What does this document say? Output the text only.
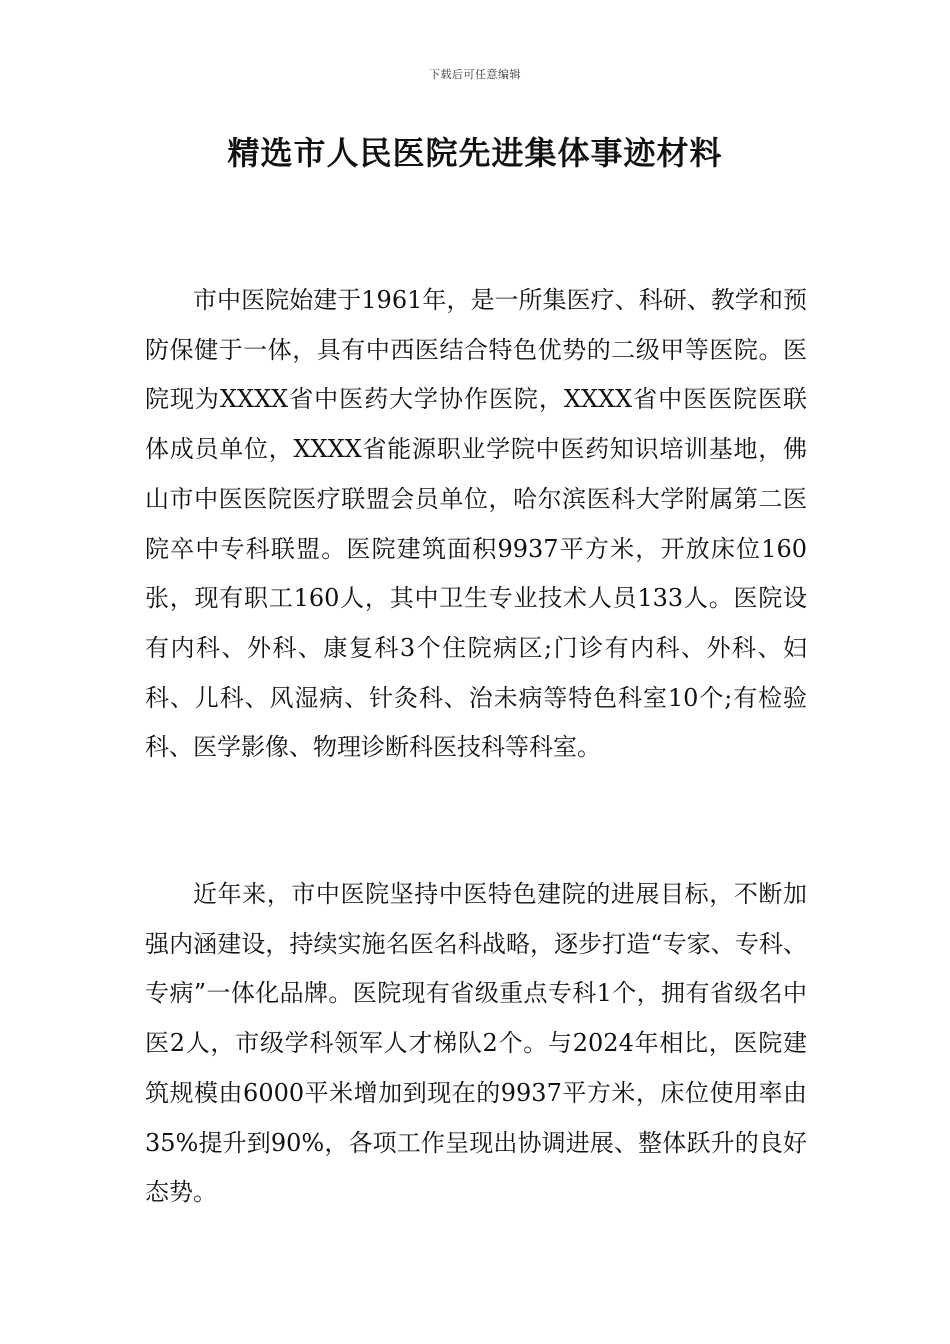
下载后可任意编辑
精选市人民医院先进集体事迹材料

市中医院始建于1961年，是一所集医疗、科研、教学和预防保健于一体，具有中西医结合特色优势的二级甲等医院。医院现为XXXX省中医药大学协作医院，XXXX省中医医院医联体成员单位，XXXX省能源职业学院中医药知识培训基地，佛山市中医医院医疗联盟会员单位，哈尔滨医科大学附属第二医院卒中专科联盟。医院建筑面积9937平方米，开放床位160张，现有职工160人，其中卫生专业技术人员133人。医院设有内科、外科、康复科3个住院病区;门诊有内科、外科、妇科、儿科、风湿病、针灸科、治未病等特色科室10个;有检验科、医学影像、物理诊断科医技科等科室。

近年来，市中医院坚持中医特色建院的进展目标，不断加强内涵建设，持续实施名医名科战略，逐步打造“专家、专科、专病”一体化品牌。医院现有省级重点专科1个，拥有省级名中医2人，市级学科领军人才梯队2个。与2024年相比，医院建筑规模由6000平米增加到现在的9937平方米，床位使用率由35%提升到90%，各项工作呈现出协调进展、整体跃升的良好态势。
